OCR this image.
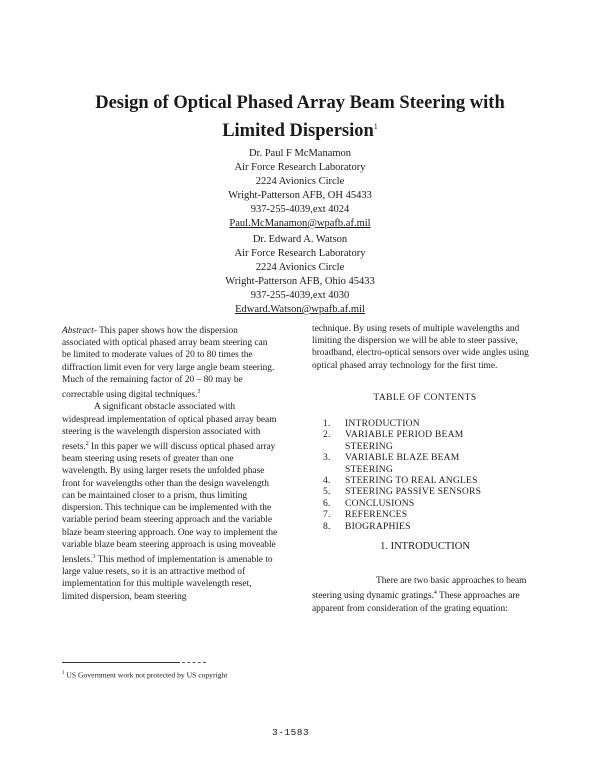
Design of Optical Phased Array Beam Steering with
Limited Dispersion$^1$
Dr. Paul F McManamon
Air Force Research Laboratory
2224 Avionics Circle
Wright-Patterson AFB, OH 45433
937-255-4039,ext 4024
Paul.McManamon@wpafb.af.mil
Dr. Edward A. Watson
Air Force Research Laboratory
2224 Avionics Circle
Wright-Patterson AFB, Ohio 45433
937-255-4039,ext 4030
Edward.Watson@wpafb.af.mil

Abstract- This paper shows how the dispersion associated with optical phased array beam steering can be limited to moderate values of 20 to 80 times the diffraction limit even for very large angle beam steering. Much of the remaining factor of 20 – 80 may be correctable using digital techniques.$^3$

A significant obstacle associated with widespread implementation of optical phased array beam steering is the wavelength dispersion associated with resets.$^2$ In this paper we will discuss optical phased array beam steering using resets of greater than one wavelength. By using larger resets the unfolded phase front for wavelengths other than the design wavelength can be maintained closer to a prism, thus limiting dispersion. This technique can be implemented with the variable period beam steering approach and the variable blaze beam steering approach. One way to implement the variable blaze beam steering approach is using moveable lenslets.$^3$ This method of implementation is amenable to large value resets, so it is an attractive method of implementation for this multiple wavelength reset, limited dispersion, beam steering

technique. By using resets of multiple wavelengths and limiting the dispersion we will be able to steer passive, broadband, electro-optical sensors over wide angles using optical phased array technology for the first time.

TABLE OF CONTENTS
1.	INTRODUCTION
2.	VARIABLE PERIOD BEAM STEERING
3.	VARIABLE BLAZE BEAM STEERING
4.	STEERING TO REAL ANGLES
5.	STEERING PASSIVE SENSORS
6.	CONCLUSIONS
7.	REFERENCES
8.	BIOGRAPHIES
1. INTRODUCTION

There are two basic approaches to beam steering using dynamic gratings.$^4$ These approaches are apparent from consideration of the grating equation:

$^1$ US Government work not protected by US copyright
3-1583
